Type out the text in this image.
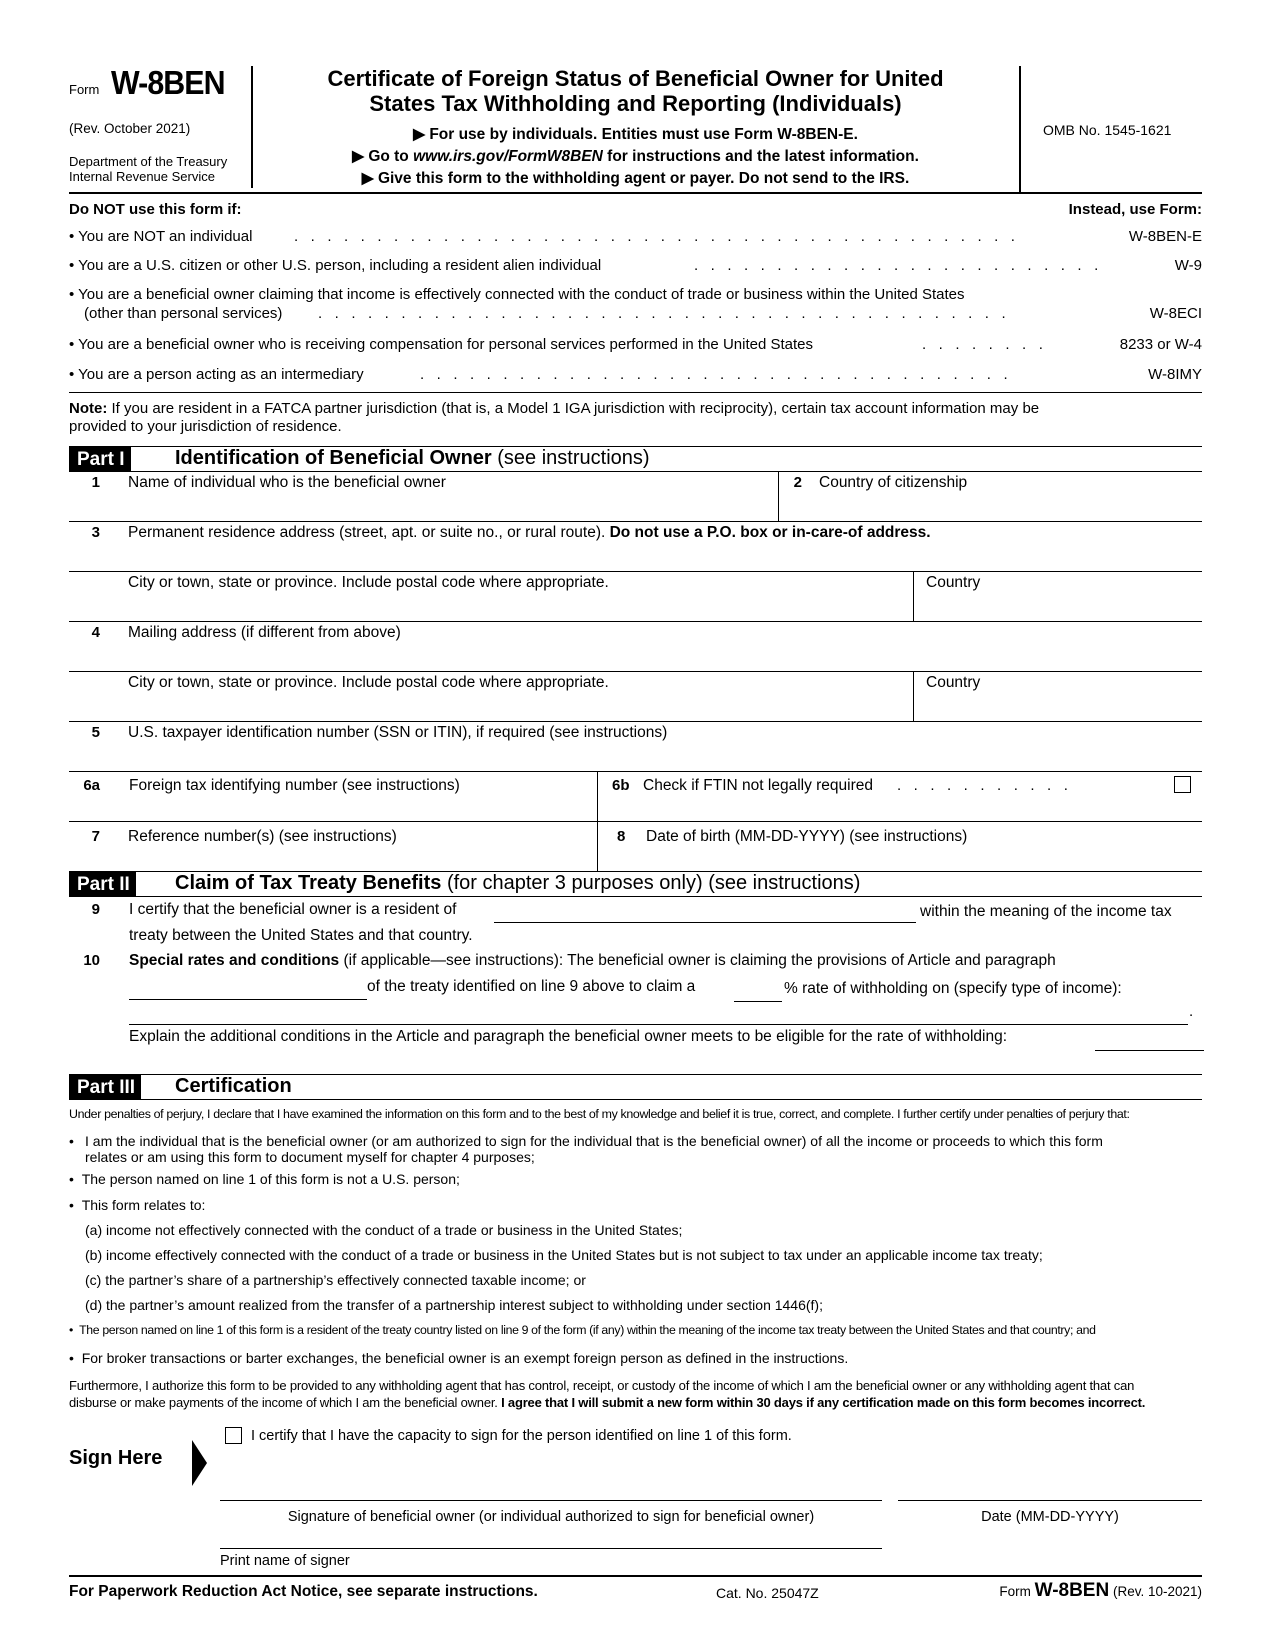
Form W-8BEN
(Rev. October 2021)
Department of the Treasury
Internal Revenue Service
Certificate of Foreign Status of Beneficial Owner for United
States Tax Withholding and Reporting (Individuals)
▶ For use by individuals. Entities must use Form W-8BEN-E.
▶ Go to www.irs.gov/FormW8BEN for instructions and the latest information.
▶ Give this form to the withholding agent or payer. Do not send to the IRS.
OMB No. 1545-1621
Do NOT use this form if:	Instead, use Form:
• You are NOT an individual	.   .   .   .   .   .   .   .   .   .   .   .   .   .   .   .   .   .   .   .   .   .   .   .   .   .   .   .   .   .   .   .   .   .   .   .   .   .   .   .   .   .   .   .	W-8BEN-E
• You are a U.S. citizen or other U.S. person, including a resident alien individual	.   .   .   .   .   .   .   .   .   .   .   .   .   .   .   .   .   .   .   .   .   .   .   .   .	W-9
• You are a beneficial owner claiming that income is effectively connected with the conduct of trade or business within the United States
(other than personal services) .   .   .   .   .   .   .   .   .   .   .   .   .   .   .   .   .   .   .   .   .   .   .   .   .   .   .   .   .   .   .   .   .   .   .   .   .   .   .   .   .   .	W-8ECI
• You are a beneficial owner who is receiving compensation for personal services performed in the United States	.   .   .   .   .   .   .   .	8233 or W-4
• You are a person acting as an intermediary	.   .   .   .   .   .   .   .   .   .   .   .   .   .   .   .   .   .   .   .   .   .   .   .   .   .   .   .   .   .   .   .   .   .   .   .	W-8IMY
Note: If you are resident in a FATCA partner jurisdiction (that is, a Model 1 IGA jurisdiction with reciprocity), certain tax account information may be
provided to your jurisdiction of residence.
Part I	Identification of Beneficial Owner (see instructions)
1 Name of individual who is the beneficial owner	2 Country of citizenship
3 Permanent residence address (street, apt. or suite no., or rural route). Do not use a P.O. box or in-care-of address.
City or town, state or province. Include postal code where appropriate.	Country
4 Mailing address (if different from above)
City or town, state or province. Include postal code where appropriate.	Country
5 U.S. taxpayer identification number (SSN or ITIN), if required (see instructions)
6a Foreign tax identifying number (see instructions)	6b Check if FTIN not legally required .   .   .   .   .   .   .   .   .   .   .
7 Reference number(s) (see instructions)	8 Date of birth (MM-DD-YYYY) (see instructions)
Part II	Claim of Tax Treaty Benefits (for chapter 3 purposes only) (see instructions)
9 I certify that the beneficial owner is a resident of	within the meaning of the income tax
treaty between the United States and that country.
10 Special rates and conditions (if applicable—see instructions): The beneficial owner is claiming the provisions of Article and paragraph
of the treaty identified on line 9 above to claim a	% rate of withholding on (specify type of income):
.
Explain the additional conditions in the Article and paragraph the beneficial owner meets to be eligible for the rate of withholding:
Part III	Certification
Under penalties of perjury, I declare that I have examined the information on this form and to the best of my knowledge and belief it is true, correct, and complete. I further certify under penalties of perjury that:
• I am the individual that is the beneficial owner (or am authorized to sign for the individual that is the beneficial owner) of all the income or proceeds to which this form
relates or am using this form to document myself for chapter 4 purposes;
• The person named on line 1 of this form is not a U.S. person;
• This form relates to:
(a) income not effectively connected with the conduct of a trade or business in the United States;
(b) income effectively connected with the conduct of a trade or business in the United States but is not subject to tax under an applicable income tax treaty;
(c) the partner’s share of a partnership’s effectively connected taxable income; or
(d) the partner’s amount realized from the transfer of a partnership interest subject to withholding under section 1446(f);
• The person named on line 1 of this form is a resident of the treaty country listed on line 9 of the form (if any) within the meaning of the income tax treaty between the United States and that country; and
• For broker transactions or barter exchanges, the beneficial owner is an exempt foreign person as defined in the instructions.
Furthermore, I authorize this form to be provided to any withholding agent that has control, receipt, or custody of the income of which I am the beneficial owner or any withholding agent that can
disburse or make payments of the income of which I am the beneficial owner. I agree that I will submit a new form within 30 days if any certification made on this form becomes incorrect.
I certify that I have the capacity to sign for the person identified on line 1 of this form.
Sign Here
Signature of beneficial owner (or individual authorized to sign for beneficial owner)	Date (MM-DD-YYYY)
Print name of signer
For Paperwork Reduction Act Notice, see separate instructions.	Cat. No. 25047Z	Form W-8BEN (Rev. 10-2021)
